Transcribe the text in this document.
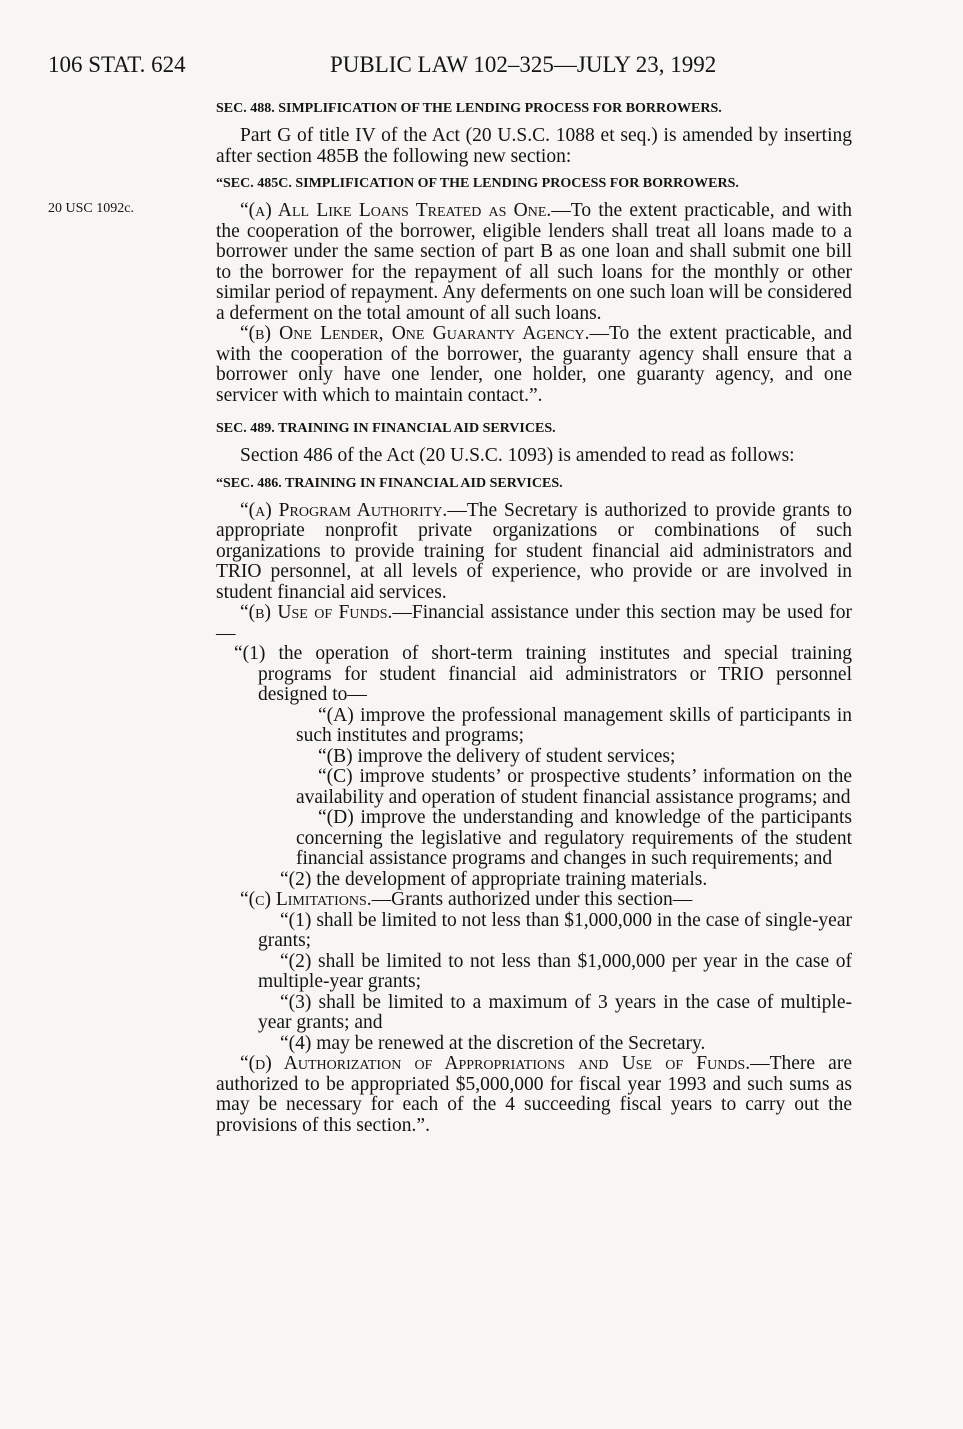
106 STAT. 624	PUBLIC LAW 102–325—JULY 23, 1992
20 USC 1092c.
SEC. 488. SIMPLIFICATION OF THE LENDING PROCESS FOR BORROWERS.

Part G of title IV of the Act (20 U.S.C. 1088 et seq.) is amended by inserting after section 485B the following new section:

“SEC. 485C. SIMPLIFICATION OF THE LENDING PROCESS FOR BORROWERS.

“(a) All Like Loans Treated as One.—To the extent practicable, and with the cooperation of the borrower, eligible lenders shall treat all loans made to a borrower under the same section of part B as one loan and shall submit one bill to the borrower for the repayment of all such loans for the monthly or other similar period of repayment. Any deferments on one such loan will be considered a deferment on the total amount of all such loans.

“(b) One Lender, One Guaranty Agency.—To the extent practicable, and with the cooperation of the borrower, the guaranty agency shall ensure that a borrower only have one lender, one holder, one guaranty agency, and one servicer with which to maintain contact.”.

SEC. 489. TRAINING IN FINANCIAL AID SERVICES.

Section 486 of the Act (20 U.S.C. 1093) is amended to read as follows:

“SEC. 486. TRAINING IN FINANCIAL AID SERVICES.

“(a) Program Authority.—The Secretary is authorized to provide grants to appropriate nonprofit private organizations or combinations of such organizations to provide training for student financial aid administrators and TRIO personnel, at all levels of experience, who provide or are involved in student financial aid services.

“(b) Use of Funds.—Financial assistance under this section may be used for—

“(1) the operation of short-term training institutes and special training programs for student financial aid administrators or TRIO personnel designed to—

“(A) improve the professional management skills of participants in such institutes and programs;

“(B) improve the delivery of student services;

“(C) improve students’ or prospective students’ information on the availability and operation of student financial assistance programs; and

“(D) improve the understanding and knowledge of the participants concerning the legislative and regulatory requirements of the student financial assistance programs and changes in such requirements; and

“(2) the development of appropriate training materials.

“(c) Limitations.—Grants authorized under this section—

“(1) shall be limited to not less than $1,000,000 in the case of single-year grants;

“(2) shall be limited to not less than $1,000,000 per year in the case of multiple-year grants;

“(3) shall be limited to a maximum of 3 years in the case of multiple-year grants; and

“(4) may be renewed at the discretion of the Secretary.

“(d) Authorization of Appropriations and Use of Funds.—There are authorized to be appropriated $5,000,000 for fiscal year 1993 and such sums as may be necessary for each of the 4 succeeding fiscal years to carry out the provisions of this section.”.
